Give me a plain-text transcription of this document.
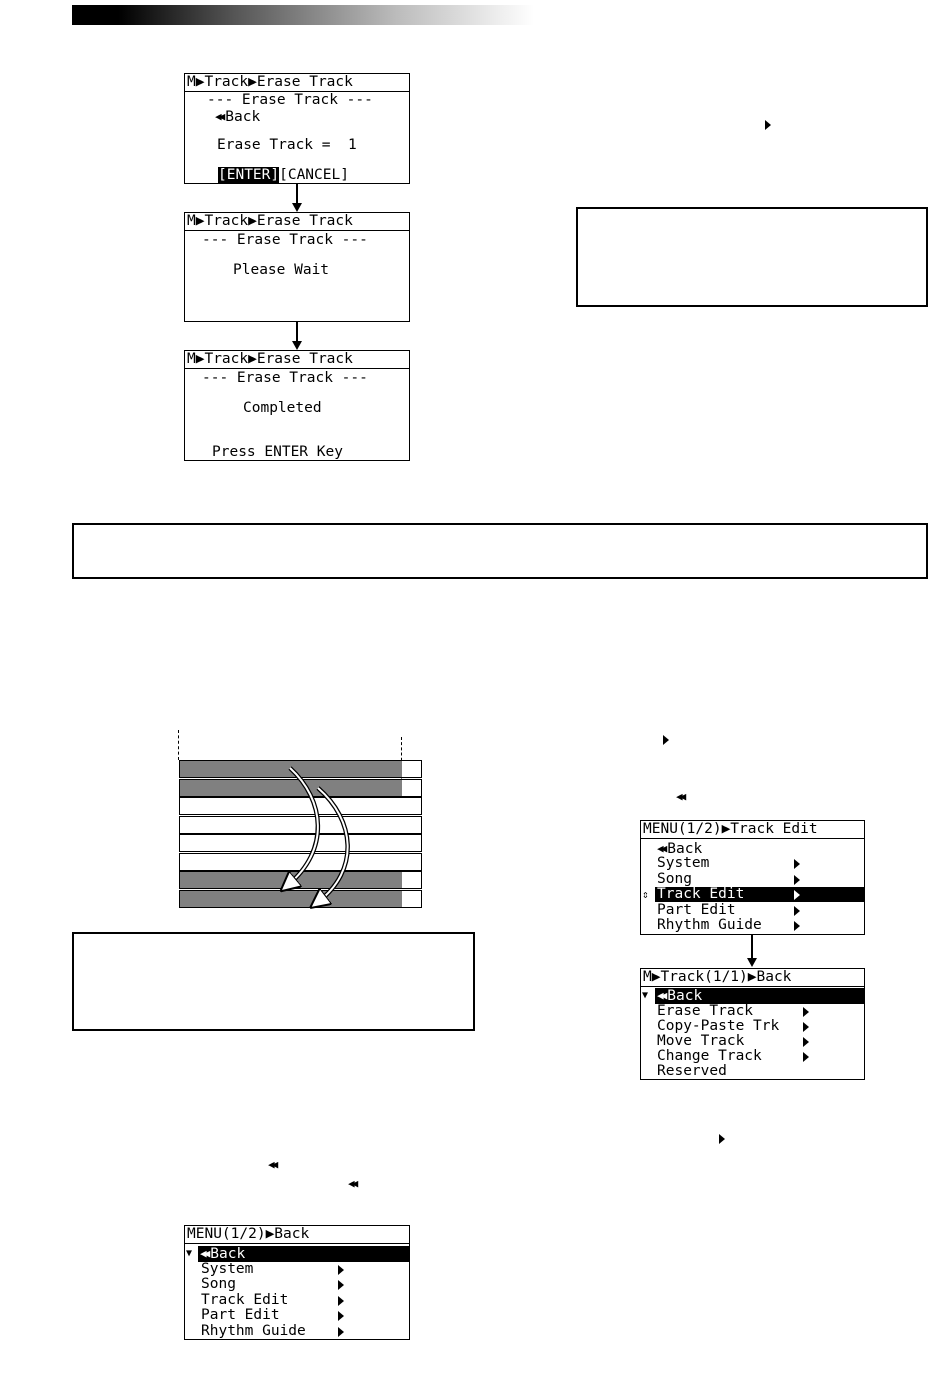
M▶Track▶Erase Track
--- Erase Track ---
◀◀ Back
Erase Track =  1
[ENTER][CANCEL]
M▶Track▶Erase Track
--- Erase Track ---
Please Wait
M▶Track▶Erase Track
--- Erase Track ---
Completed
Press ENTER Key
◀◀
MENU(1/2)▶Track Edit
◀◀ Back
System
Song
⇕ Track Edit
Part Edit
Rhythm Guide
M▶Track(1/1)▶Back
▼ ◀◀ Back
Erase Track
Copy-Paste Trk
Move Track
Change Track
Reserved
◀◀
◀◀
MENU(1/2)▶Back
▼ ◀◀ Back
System
Song
Track Edit
Part Edit
Rhythm Guide
